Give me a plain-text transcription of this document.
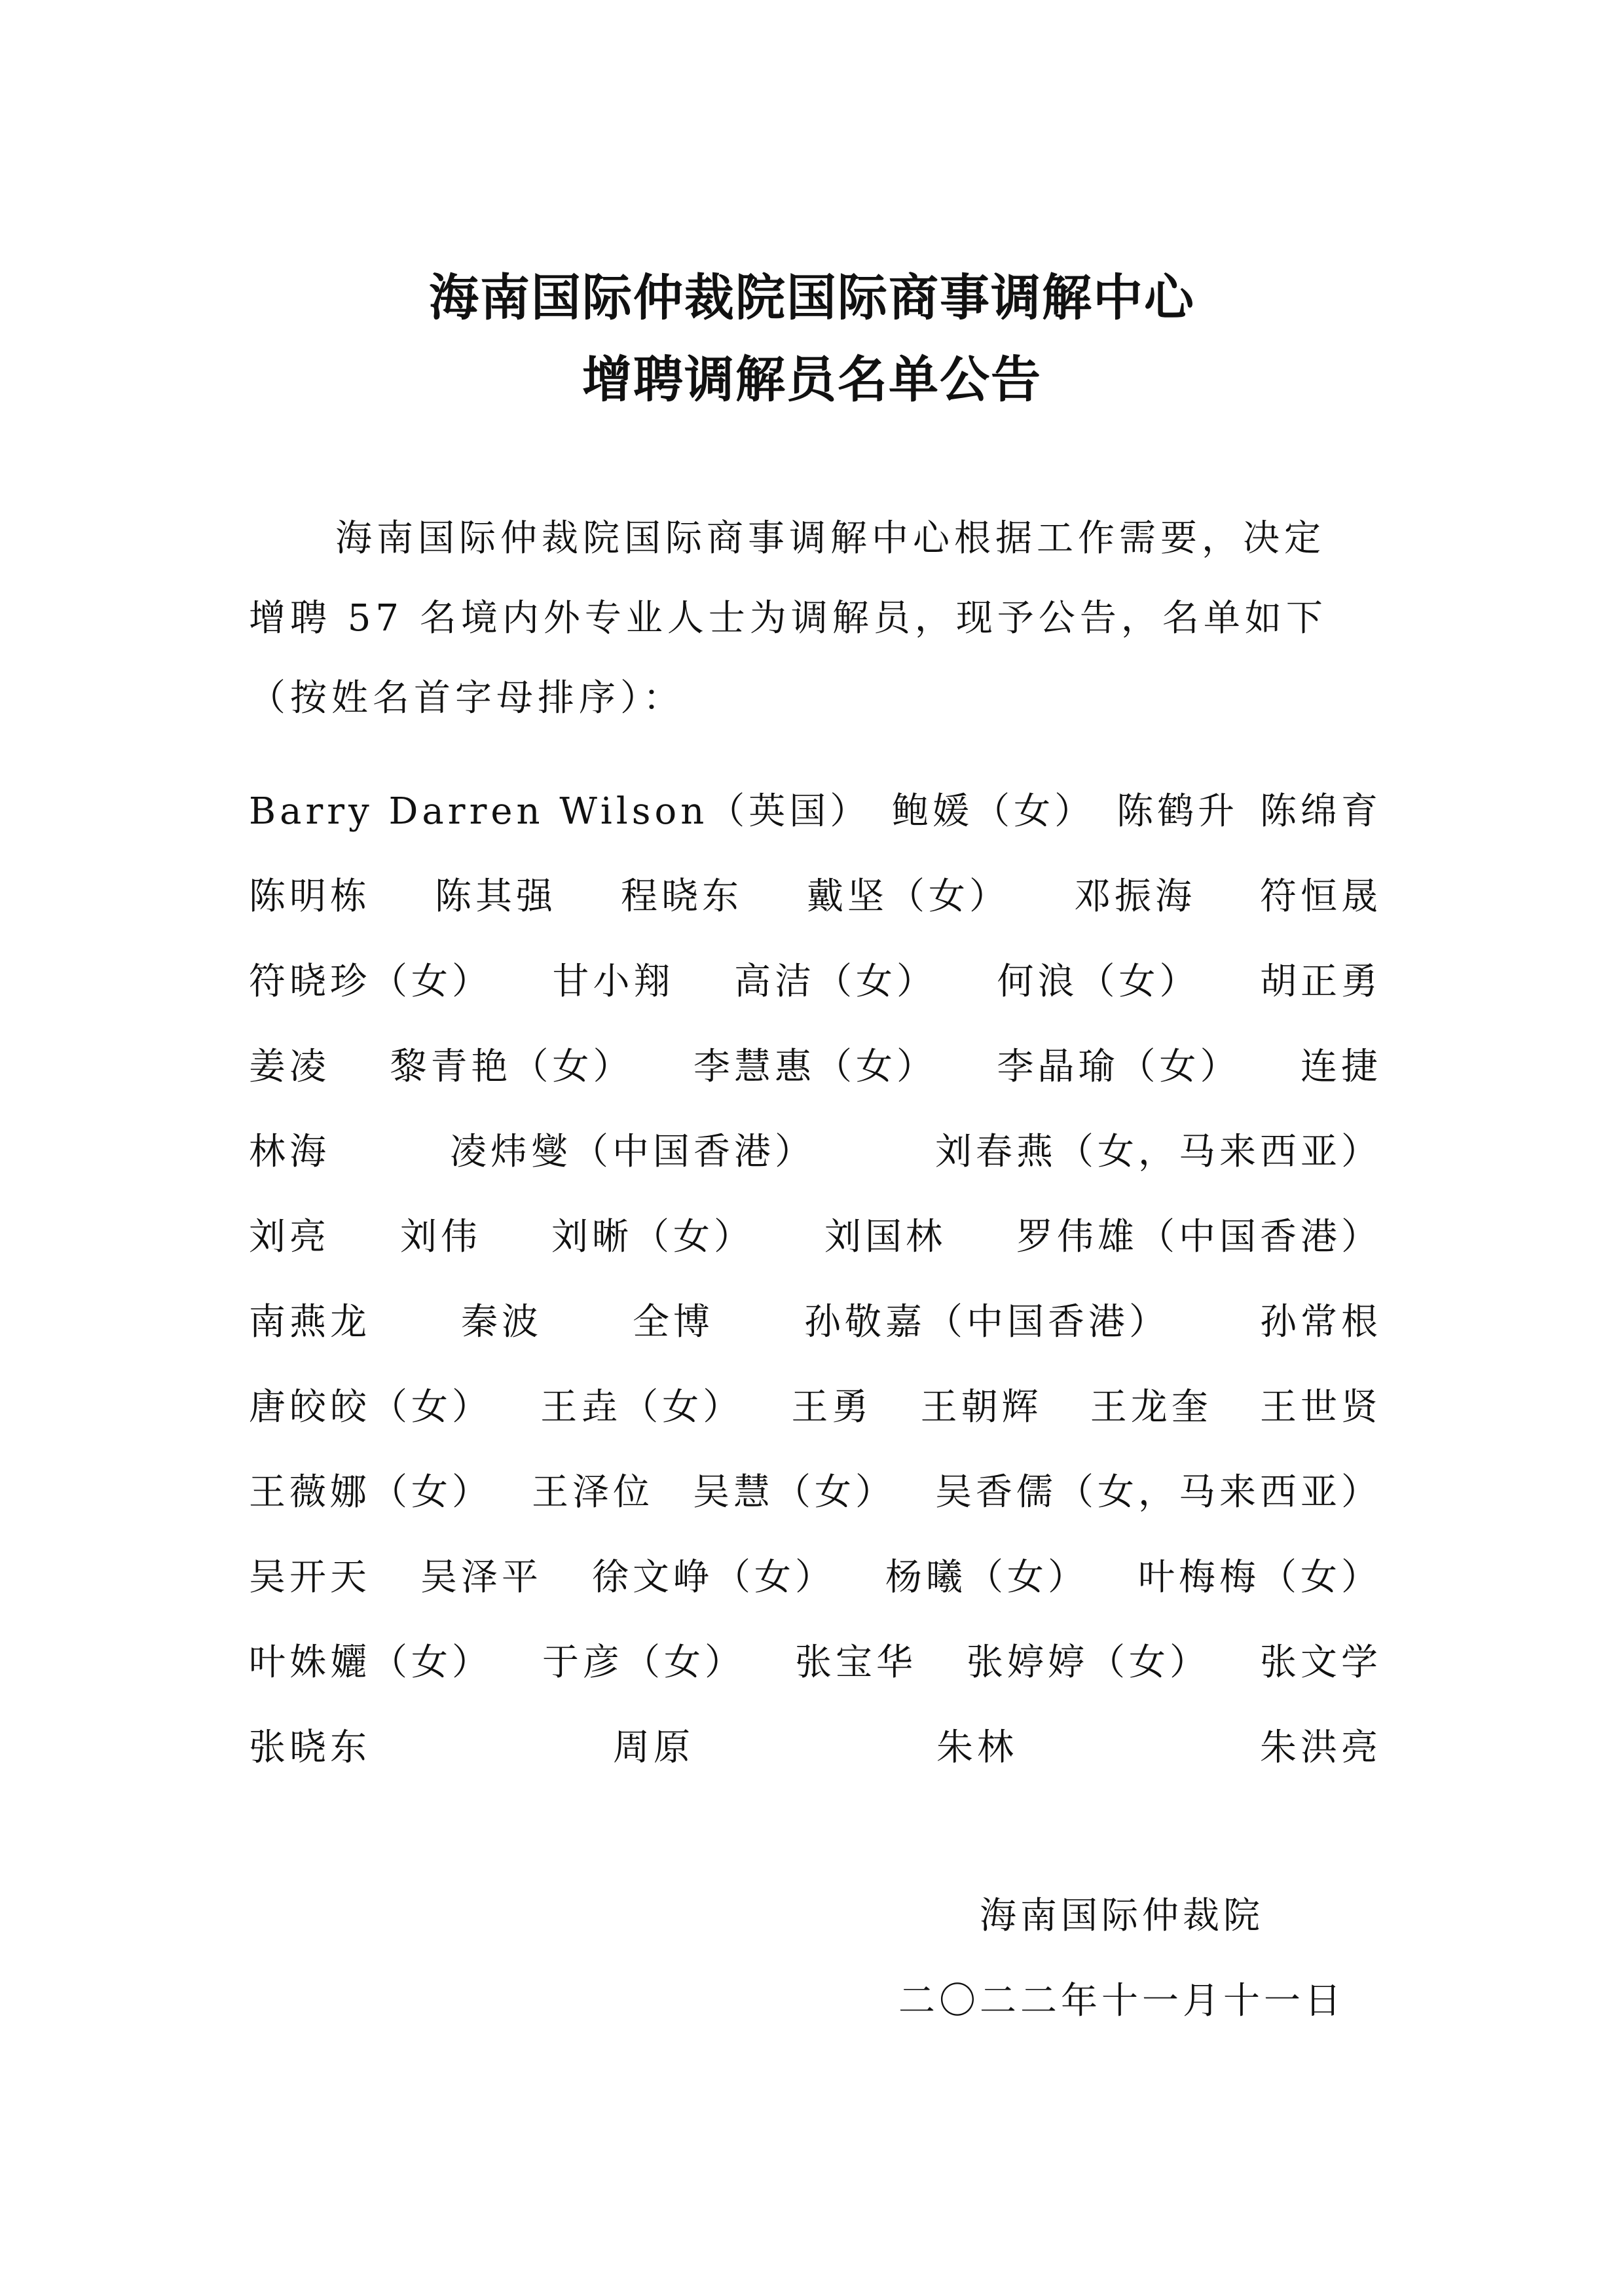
海南国际仲裁院国际商事调解中心
增聘调解员名单公告
海南国际仲裁院国际商事调解中心根据工作需要，决定
增聘 57 名境内外专业人士为调解员，现予公告，名单如下
（按姓名首字母排序）：
Barry Darren Wilson（英国） 鲍媛（女） 陈鹤升 陈绵育
陈明栋 陈其强 程晓东 戴坚（女） 邓振海 符恒晟
符晓珍（女） 甘小翔 高洁（女） 何浪（女） 胡正勇
姜凌 黎青艳（女） 李慧惠（女） 李晶瑜（女） 连捷
林海	凌炜燮（中国香港）	刘春燕（女，马来西亚）
刘亮 刘伟 刘晰（女） 刘国林 罗伟雄（中国香港）
南燕龙 秦波 全博 孙敬嘉（中国香港） 孙常根
唐皎皎（女） 王垚（女） 王勇 王朝辉 王龙奎 王世贤
王薇娜（女） 王泽位 吴慧（女） 吴香儒（女，马来西亚）
吴开天 吴泽平 徐文峥（女） 杨曦（女） 叶梅梅（女）
叶姝孋（女） 于彦（女） 张宝华 张婷婷（女） 张文学
张晓东	周原	朱林	朱洪亮
海南国际仲裁院
二〇二二年十一月十一日
